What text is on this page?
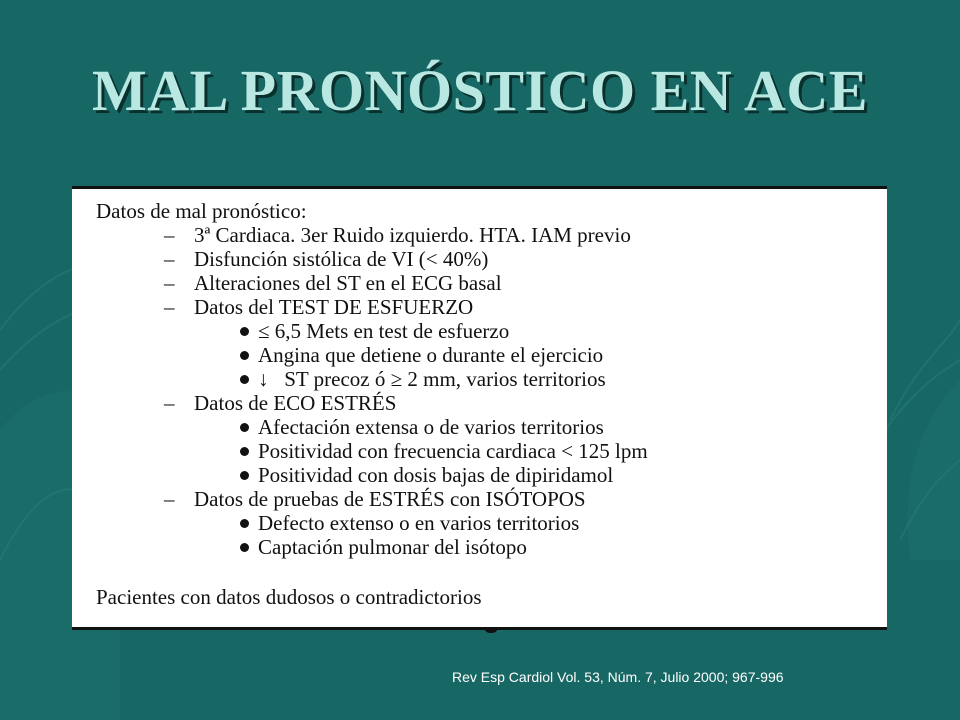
MAL PRONÓSTICO EN ACE
Datos de mal pronóstico:
– 3ª Cardiaca. 3er Ruido izquierdo. HTA. IAM previo
– Disfunción sistólica de VI (< 40%)
– Alteraciones del ST en el ECG basal
– Datos del TEST DE ESFUERZO
≤ 6,5 Mets en test de esfuerzo
Angina que detiene o durante el ejercicio
↓   ST precoz ó ≥ 2 mm, varios territorios
– Datos de ECO ESTRÉS
Afectación extensa o de varios territorios
Positividad con frecuencia cardiaca < 125 lpm
Positividad con dosis bajas de dipiridamol
– Datos de pruebas de ESTRÉS con ISÓTOPOS
Defecto extenso o en varios territorios
Captación pulmonar del isótopo
Pacientes con datos dudosos o contradictorios
Rev Esp Cardiol Vol. 53, Núm. 7, Julio 2000; 967-996
